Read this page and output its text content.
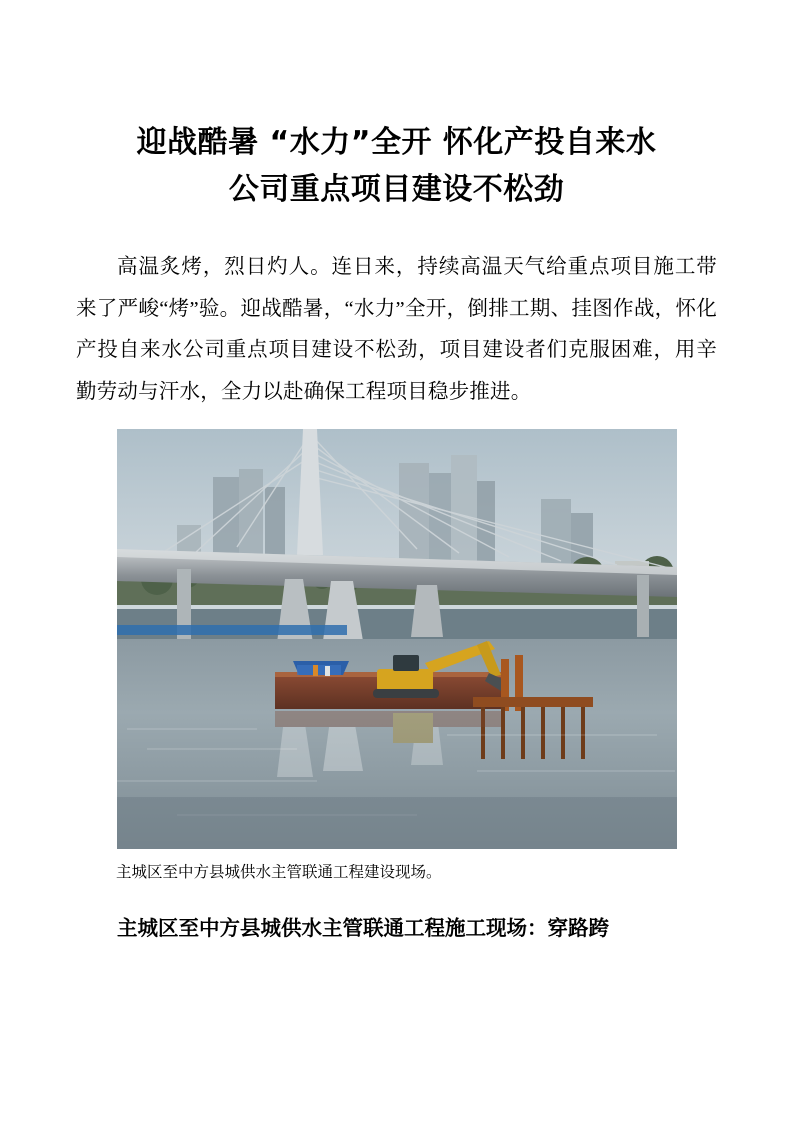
迎战酷暑 “水力”全开 怀化产投自来水
公司重点项目建设不松劲

高温炙烤，烈日灼人。连日来，持续高温天气给重点项目施工带来了严峻“烤”验。迎战酷暑，“水力”全开，倒排工期、挂图作战，怀化产投自来水公司重点项目建设不松劲，项目建设者们克服困难，用辛勤劳动与汗水，全力以赴确保工程项目稳步推进。

主城区至中方县城供水主管联通工程建设现场。

主城区至中方县城供水主管联通工程施工现场：穿路跨
